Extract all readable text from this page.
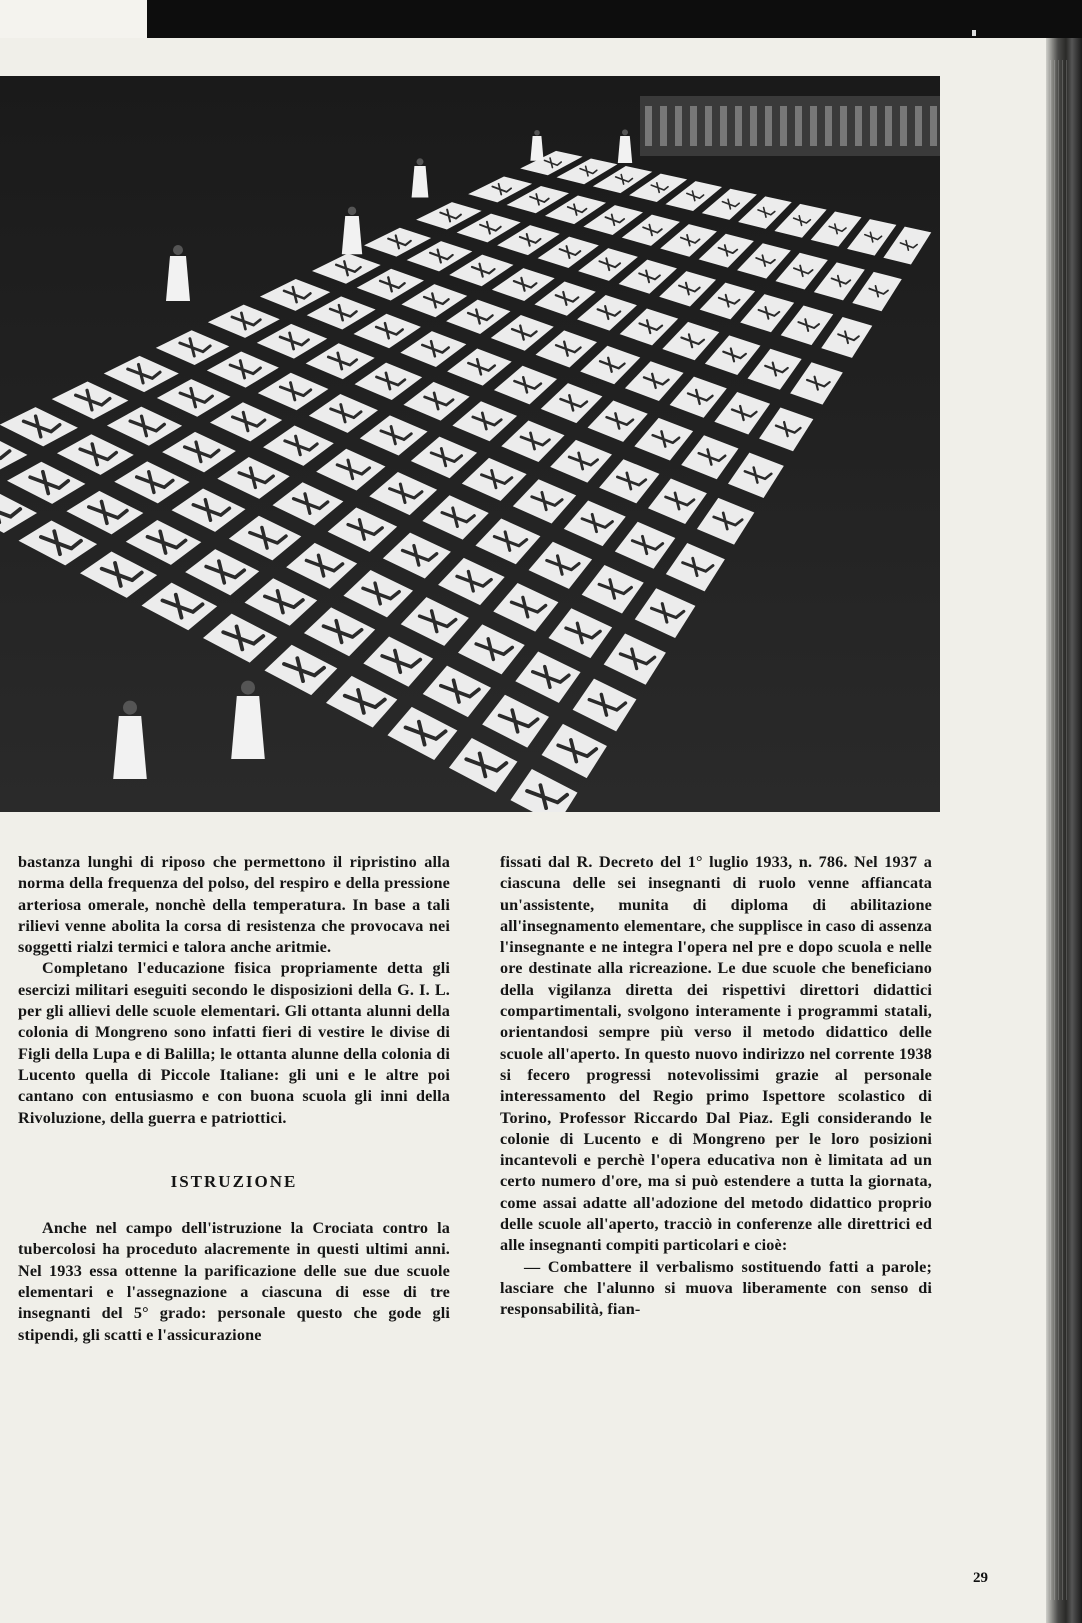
bastanza lunghi di riposo che permettono il ripristino alla norma della frequenza del polso, del respiro e della pressione arteriosa omerale, nonchè della temperatura. In base a tali rilievi venne abolita la corsa di resistenza che provocava nei soggetti rialzi termici e talora anche aritmie.

Completano l'educazione fisica propriamente detta gli esercizi militari eseguiti secondo le disposizioni della G. I. L. per gli allievi delle scuole elementari. Gli ottanta alunni della colonia di Mongreno sono infatti fieri di vestire le divise di Figli della Lupa e di Balilla; le ottanta alunne della colonia di Lucento quella di Piccole Italiane: gli uni e le altre poi cantano con entusiasmo e con buona scuola gli inni della Rivoluzione, della guerra e patriottici.

ISTRUZIONE

Anche nel campo dell'istruzione la Crociata contro la tubercolosi ha proceduto alacremente in questi ultimi anni. Nel 1933 essa ottenne la parificazione delle sue due scuole elementari e l'assegnazione a ciascuna di esse di tre insegnanti del 5° grado: personale questo che gode gli stipendi, gli scatti e l'assicurazione

fissati dal R. Decreto del 1° luglio 1933, n. 786. Nel 1937 a ciascuna delle sei insegnanti di ruolo venne affiancata un'assistente, munita di diploma di abilitazione all'insegnamento elementare, che supplisce in caso di assenza l'insegnante e ne integra l'opera nel pre e dopo scuola e nelle ore destinate alla ricreazione. Le due scuole che beneficiano della vigilanza diretta dei rispettivi direttori didattici compartimentali, svolgono interamente i programmi statali, orientandosi sempre più verso il metodo didattico delle scuole all'aperto. In questo nuovo indirizzo nel corrente 1938 si fecero progressi notevolissimi grazie al personale interessamento del Regio primo Ispettore scolastico di Torino, Professor Riccardo Dal Piaz. Egli considerando le colonie di Lucento e di Mongreno per le loro posizioni incantevoli e perchè l'opera educativa non è limitata ad un certo numero d'ore, ma si può estendere a tutta la giornata, come assai adatte all'adozione del metodo didattico proprio delle scuole all'aperto, tracciò in conferenze alle direttrici ed alle insegnanti compiti particolari e cioè:

— Combattere il verbalismo sostituendo fatti a parole; lasciare che l'alunno si muova liberamente con senso di responsabilità, fian-

29
